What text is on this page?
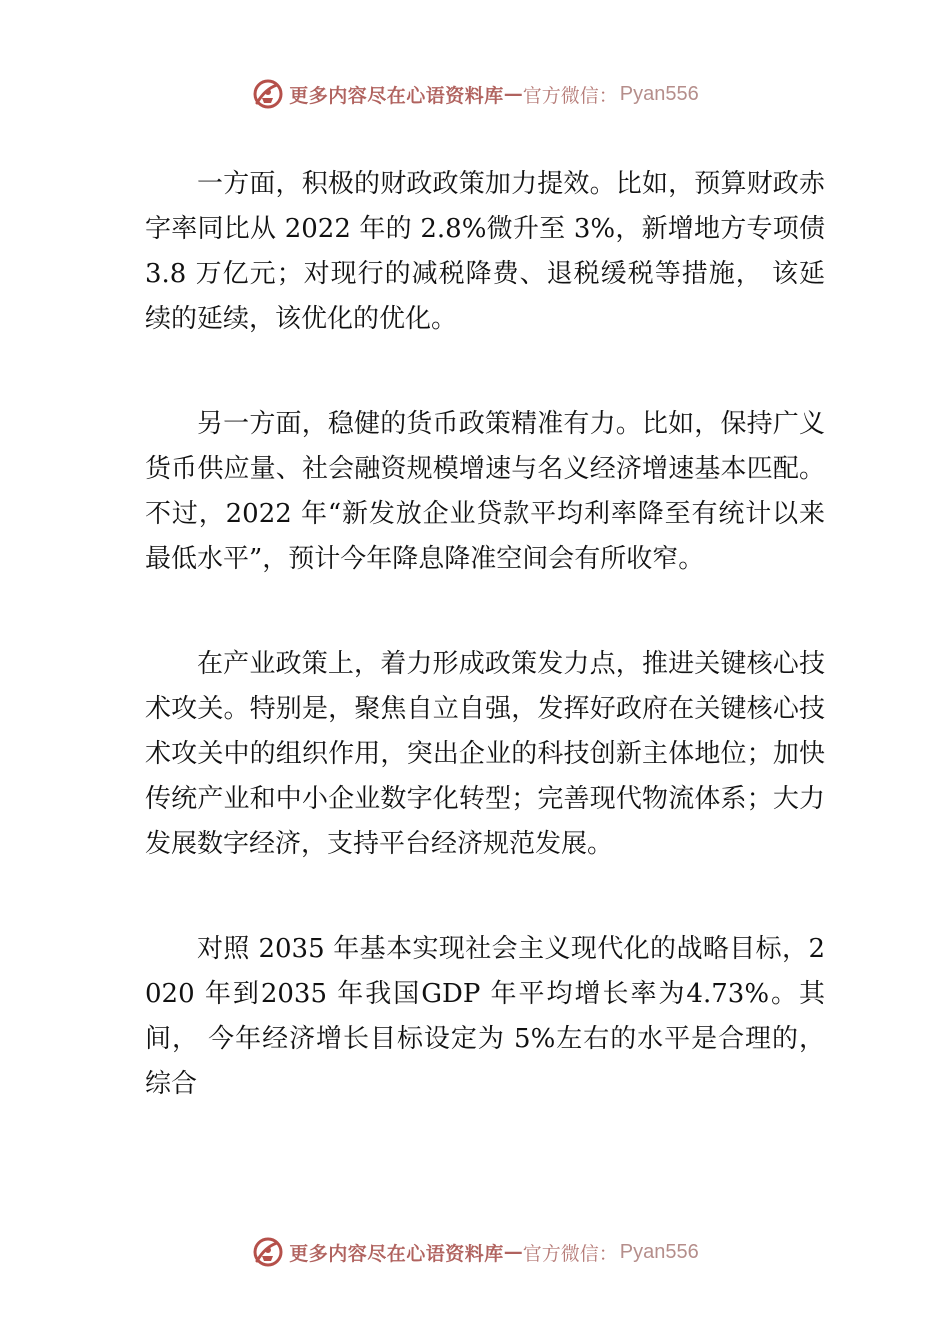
更多内容尽在心语资料库 — 官方微信： Pyan556

一方面，积极的财政政策加力提效。比如，预算财政赤字率同比从 2022 年的 2.8%微升至 3%，新增地方专项债 3.8 万亿元；对现行的减税降费、退税缓税等措施， 该延续的延续，该优化的优化。

另一方面，稳健的货币政策精准有力。比如，保持广义货币供应量、社会融资规模增速与名义经济增速基本匹配。不过，2022 年“新发放企业贷款平均利率降至有统计以来最低水平”，预计今年降息降准空间会有所收窄。

在产业政策上，着力形成政策发力点，推进关键核心技术攻关。特别是，聚焦自立自强，发挥好政府在关键核心技术攻关中的组织作用，突出企业的科技创新主体地位；加快传统产业和中小企业数字化转型；完善现代物流体系；大力发展数字经济，支持平台经济规范发展。

对照 2035 年基本实现社会主义现代化的战略目标，2020 年到2035 年我国GDP 年平均增长率为4.73%。其间， 今年经济增长目标设定为 5%左右的水平是合理的，综合

更多内容尽在心语资料库 — 官方微信： Pyan556
